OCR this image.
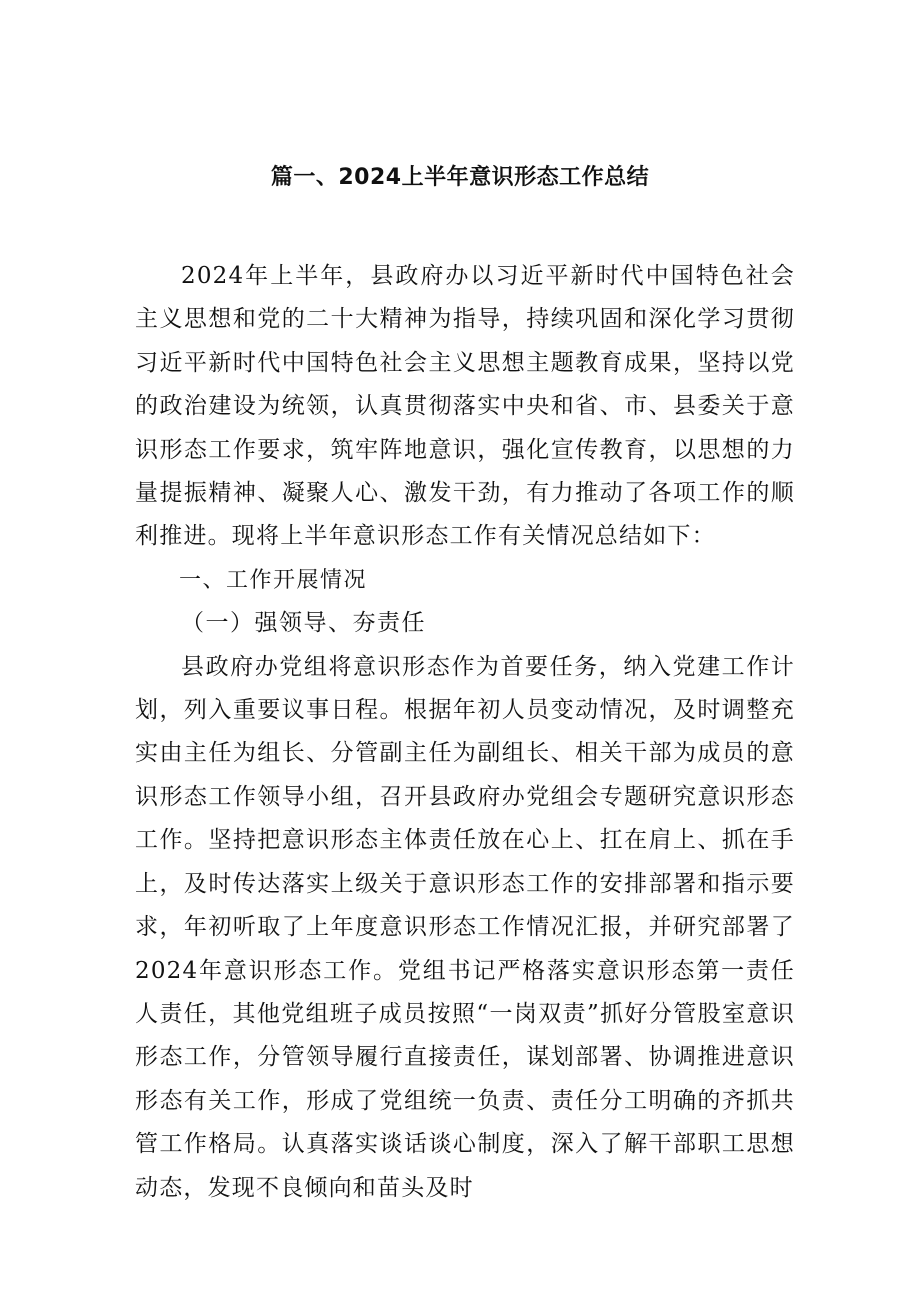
篇一、2024上半年意识形态工作总结

2024年上半年，县政府办以习近平新时代中国特色社会主义思想和党的二十大精神为指导，持续巩固和深化学习贯彻习近平新时代中国特色社会主义思想主题教育成果，坚持以党的政治建设为统领，认真贯彻落实中央和省、市、县委关于意识形态工作要求，筑牢阵地意识，强化宣传教育，以思想的力量提振精神、凝聚人心、激发干劲，有力推动了各项工作的顺利推进。现将上半年意识形态工作有关情况总结如下：

一、工作开展情况

（一）强领导、夯责任

县政府办党组将意识形态作为首要任务，纳入党建工作计划，列入重要议事日程。根据年初人员变动情况，及时调整充实由主任为组长、分管副主任为副组长、相关干部为成员的意识形态工作领导小组，召开县政府办党组会专题研究意识形态工作。坚持把意识形态主体责任放在心上、扛在肩上、抓在手上，及时传达落实上级关于意识形态工作的安排部署和指示要求，年初听取了上年度意识形态工作情况汇报，并研究部署了2024年意识形态工作。党组书记严格落实意识形态第一责任人责任，其他党组班子成员按照“一岗双责”抓好分管股室意识形态工作，分管领导履行直接责任，谋划部署、协调推进意识形态有关工作，形成了党组统一负责、责任分工明确的齐抓共管工作格局。认真落实谈话谈心制度，深入了解干部职工思想动态，发现不良倾向和苗头及时
